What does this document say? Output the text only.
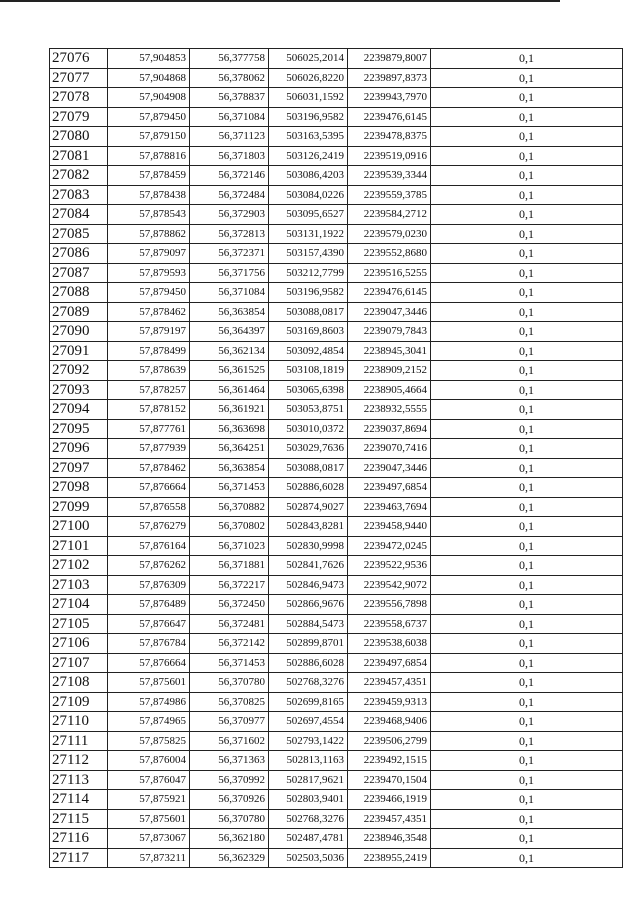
27076	57,904853	56,377758	506025,2014	2239879,8007	0,1
27077	57,904868	56,378062	506026,8220	2239897,8373	0,1
27078	57,904908	56,378837	506031,1592	2239943,7970	0,1
27079	57,879450	56,371084	503196,9582	2239476,6145	0,1
27080	57,879150	56,371123	503163,5395	2239478,8375	0,1
27081	57,878816	56,371803	503126,2419	2239519,0916	0,1
27082	57,878459	56,372146	503086,4203	2239539,3344	0,1
27083	57,878438	56,372484	503084,0226	2239559,3785	0,1
27084	57,878543	56,372903	503095,6527	2239584,2712	0,1
27085	57,878862	56,372813	503131,1922	2239579,0230	0,1
27086	57,879097	56,372371	503157,4390	2239552,8680	0,1
27087	57,879593	56,371756	503212,7799	2239516,5255	0,1
27088	57,879450	56,371084	503196,9582	2239476,6145	0,1
27089	57,878462	56,363854	503088,0817	2239047,3446	0,1
27090	57,879197	56,364397	503169,8603	2239079,7843	0,1
27091	57,878499	56,362134	503092,4854	2238945,3041	0,1
27092	57,878639	56,361525	503108,1819	2238909,2152	0,1
27093	57,878257	56,361464	503065,6398	2238905,4664	0,1
27094	57,878152	56,361921	503053,8751	2238932,5555	0,1
27095	57,877761	56,363698	503010,0372	2239037,8694	0,1
27096	57,877939	56,364251	503029,7636	2239070,7416	0,1
27097	57,878462	56,363854	503088,0817	2239047,3446	0,1
27098	57,876664	56,371453	502886,6028	2239497,6854	0,1
27099	57,876558	56,370882	502874,9027	2239463,7694	0,1
27100	57,876279	56,370802	502843,8281	2239458,9440	0,1
27101	57,876164	56,371023	502830,9998	2239472,0245	0,1
27102	57,876262	56,371881	502841,7626	2239522,9536	0,1
27103	57,876309	56,372217	502846,9473	2239542,9072	0,1
27104	57,876489	56,372450	502866,9676	2239556,7898	0,1
27105	57,876647	56,372481	502884,5473	2239558,6737	0,1
27106	57,876784	56,372142	502899,8701	2239538,6038	0,1
27107	57,876664	56,371453	502886,6028	2239497,6854	0,1
27108	57,875601	56,370780	502768,3276	2239457,4351	0,1
27109	57,874986	56,370825	502699,8165	2239459,9313	0,1
27110	57,874965	56,370977	502697,4554	2239468,9406	0,1
27111	57,875825	56,371602	502793,1422	2239506,2799	0,1
27112	57,876004	56,371363	502813,1163	2239492,1515	0,1
27113	57,876047	56,370992	502817,9621	2239470,1504	0,1
27114	57,875921	56,370926	502803,9401	2239466,1919	0,1
27115	57,875601	56,370780	502768,3276	2239457,4351	0,1
27116	57,873067	56,362180	502487,4781	2238946,3548	0,1
27117	57,873211	56,362329	502503,5036	2238955,2419	0,1
